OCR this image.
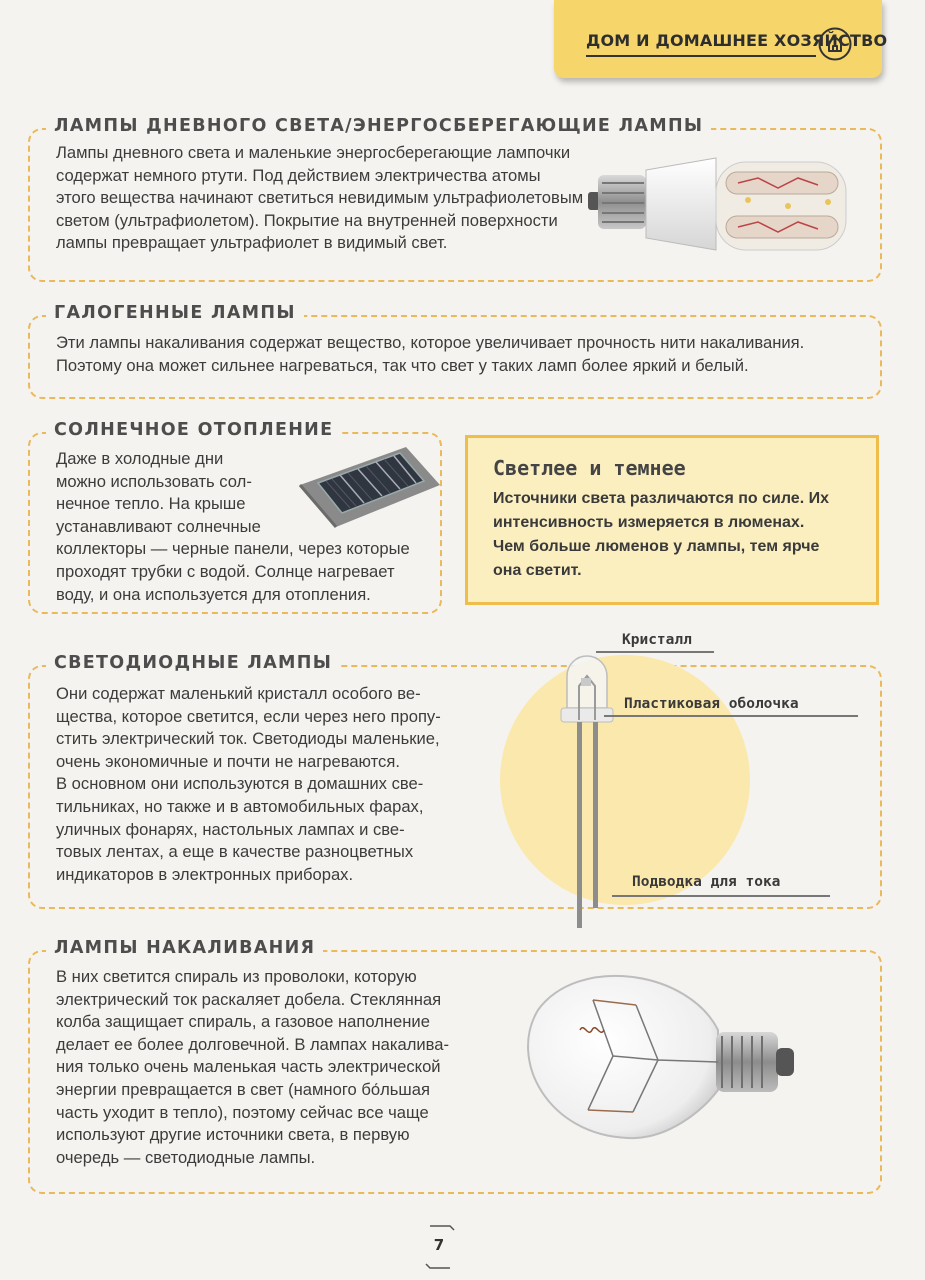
ДОМ И ДОМАШНЕЕ ХОЗЯЙСТВО
ЛАМПЫ ДНЕВНОГО СВЕТА/ЭНЕРГОСБЕРЕГАЮЩИЕ ЛАМПЫ
Лампы дневного света и маленькие энергосберегающие лампочки
содержат немного ртути. Под действием электричества атомы
этого вещества начинают светиться невидимым ультрафиолетовым
светом (ультрафиолетом). Покрытие на внутренней поверхности
лампы превращает ультрафиолет в видимый свет.
ГАЛОГЕННЫЕ ЛАМПЫ
Эти лампы накаливания содержат вещество, которое увеличивает прочность нити накаливания.
Поэтому она может сильнее нагреваться, так что свет у таких ламп более яркий и белый.
СОЛНЕЧНОЕ ОТОПЛЕНИЕ
Даже в холодные дни
можно использовать сол-
нечное тепло. На крыше
устанавливают солнечные
коллекторы — черные панели, через которые
проходят трубки с водой. Солнце нагревает
воду, и она используется для отопления.
Светлее и темнее
Источники света различаются по силе. Их
интенсивность измеряется в люменах.
Чем больше люменов у лампы, тем ярче
она светит.
СВЕТОДИОДНЫЕ ЛАМПЫ
Они содержат маленький кристалл особого ве-
щества, которое светится, если через него пропу-
стить электрический ток. Светодиоды маленькие,
очень экономичные и почти не нагреваются.
В основном они используются в домашних све-
тильниках, но также и в автомобильных фарах,
уличных фонарях, настольных лампах и све-
товых лентах, а еще в качестве разноцветных
индикаторов в электронных приборах.
Кристалл
Пластиковая оболочка
Подводка для тока
ЛАМПЫ НАКАЛИВАНИЯ
В них светится спираль из проволоки, которую
электрический ток раскаляет добела. Стеклянная
колба защищает спираль, а газовое наполнение
делает ее более долговечной. В лампах накалива-
ния только очень маленькая часть электрической
энергии превращается в свет (намного бо́льшая
часть уходит в тепло), поэтому сейчас все чаще
используют другие источники света, в первую
очередь — светодиодные лампы.
7
